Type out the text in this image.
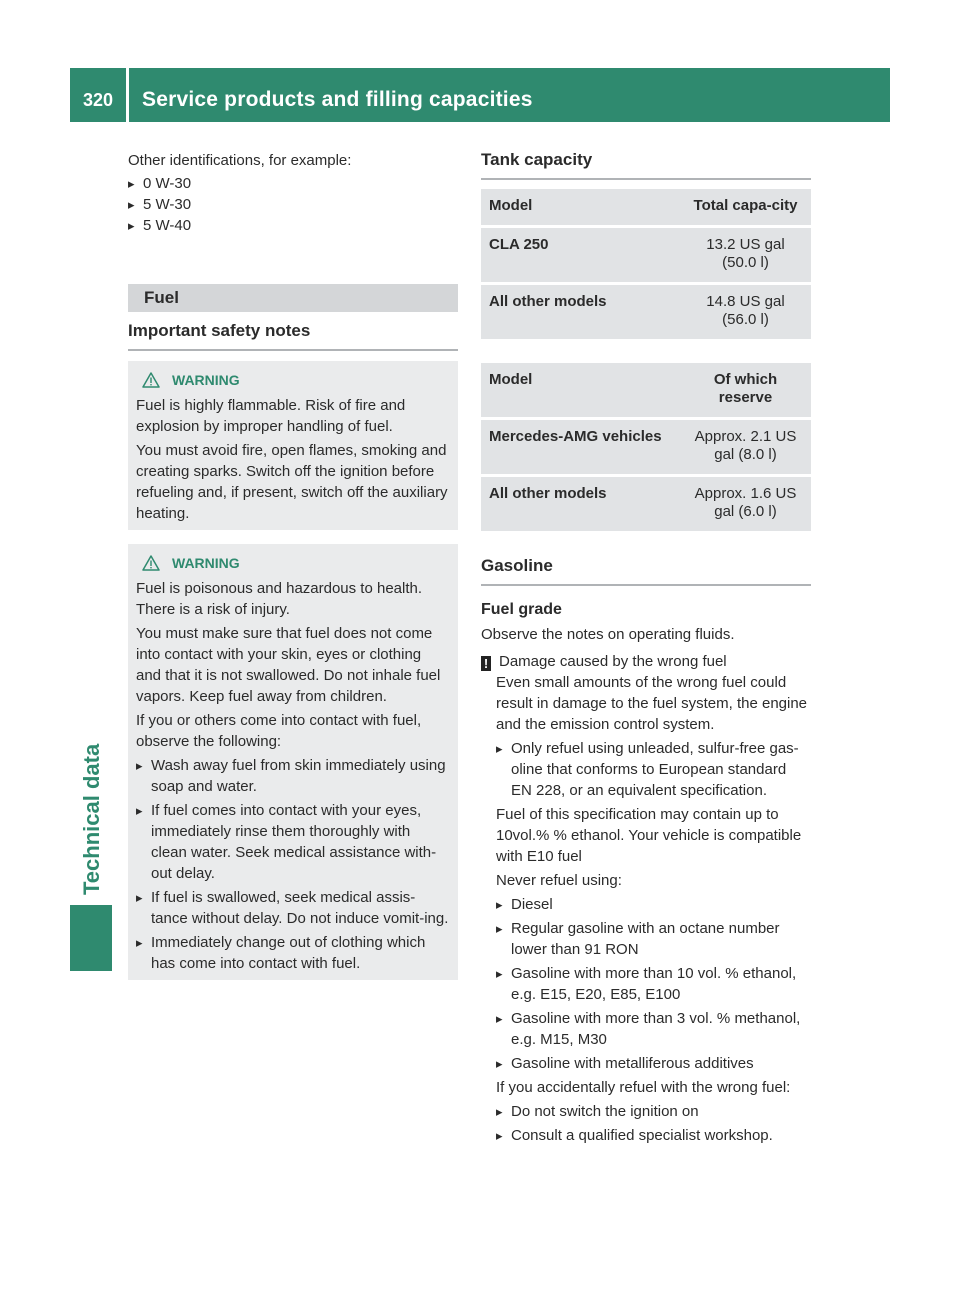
320	Service products and filling capacities
Technical data

Other identifications, for example:

▸ 0 W-30

▸ 5 W-30

▸ 5 W-40

Fuel
Important safety notes
WARNING

Fuel is highly flammable. Risk of fire and explosion by improper handling of fuel.

You must avoid fire, open flames, smoking and creating sparks. Switch off the ignition before refueling and, if present, switch off the auxiliary heating.

WARNING

Fuel is poisonous and hazardous to health. There is a risk of injury.

You must make sure that fuel does not come into contact with your skin, eyes or clothing and that it is not swallowed. Do not inhale fuel vapors. Keep fuel away from children.

If you or others come into contact with fuel, observe the following:

▸ Wash away fuel from skin immediately using soap and water.

▸ If fuel comes into contact with your eyes, immediately rinse them thoroughly with clean water. Seek medical assistance with-out delay.

▸ If fuel is swallowed, seek medical assis-tance without delay. Do not induce vomit-ing.

▸ Immediately change out of clothing which has come into contact with fuel.

Tank capacity
Model	Total capa-city
CLA 250	13.2 US gal (50.0 l)
All other models	14.8 US gal (56.0 l)
Model	Of which reserve
Mercedes-AMG vehicles	Approx. 2.1 US gal (8.0 l)
All other models	Approx. 1.6 US gal (6.0 l)
Gasoline
Fuel grade

Observe the notes on operating fluids.

! Damage caused by the wrong fuel

Even small amounts of the wrong fuel could result in damage to the fuel system, the engine and the emission control system.

▸ Only refuel using unleaded, sulfur-free gas-oline that conforms to European standard EN 228, or an equivalent specification.

Fuel of this specification may contain up to 10vol.% % ethanol. Your vehicle is compatible with E10 fuel

Never refuel using:

▸ Diesel

▸ Regular gasoline with an octane number lower than 91 RON

▸ Gasoline with more than 10 vol. % ethanol, e.g. E15, E20, E85, E100

▸ Gasoline with more than 3 vol. % methanol, e.g. M15, M30

▸ Gasoline with metalliferous additives

If you accidentally refuel with the wrong fuel:

▸ Do not switch the ignition on

▸ Consult a qualified specialist workshop.
